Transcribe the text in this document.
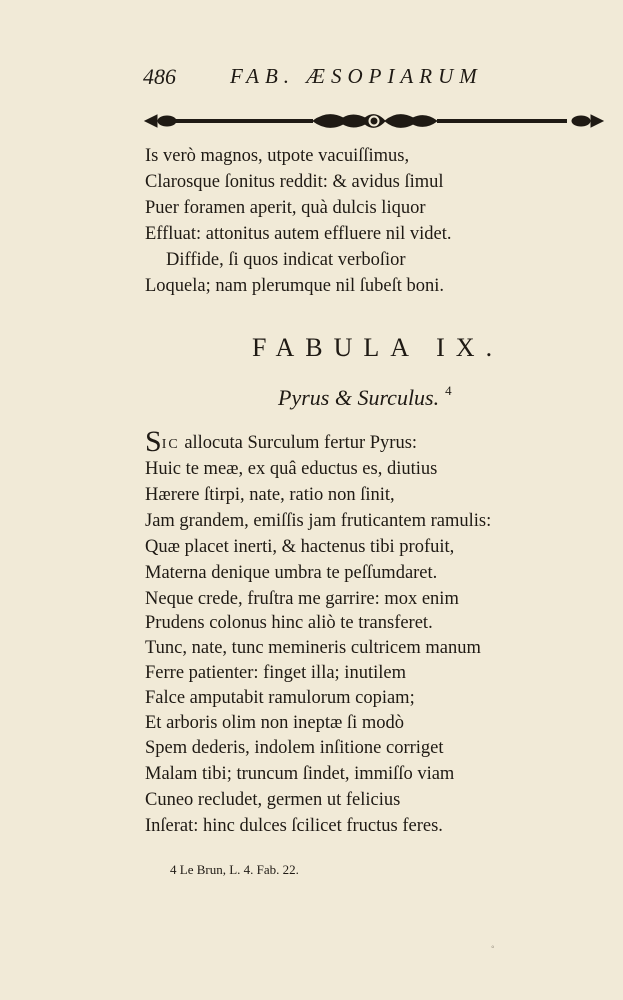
486	FAB. ÆSOPIARUM
Is verò magnos, utpote vacuiſſimus,
Clarosque ſonitus reddit: & avidus ſimul
Puer foramen aperit, quà dulcis liquor
Effluat: attonitus autem effluere nil videt.
Diffide, ſi quos indicat verboſior
Loquela; nam plerumque nil ſubeſt boni.
FABULA IX.
Pyrus & Surculus. $^4$
SIC allocuta Surculum fertur Pyrus:
Huic te meæ, ex quâ eductus es, diutius
Hærere ſtirpi, nate, ratio non ſinit,
Jam grandem, emiſſis jam fruticantem ramulis:
Quæ placet inerti, & hactenus tibi profuit,
Materna denique umbra te peſſumdaret.
Neque crede, fruſtra me garrire: mox enim
Prudens colonus hinc aliò te transferet.
Tunc, nate, tunc memineris cultricem manum
Ferre patienter: finget illa; inutilem
Falce amputabit ramulorum copiam;
Et arboris olim non ineptæ ſi modò
Spem dederis, indolem inſitione corriget
Malam tibi; truncum ſindet, immiſſo viam
Cuneo recludet, germen ut felicius
Inſerat: hinc dulces ſcilicet fructus feres.
4 Le Brun, L. 4. Fab. 22.
◦
